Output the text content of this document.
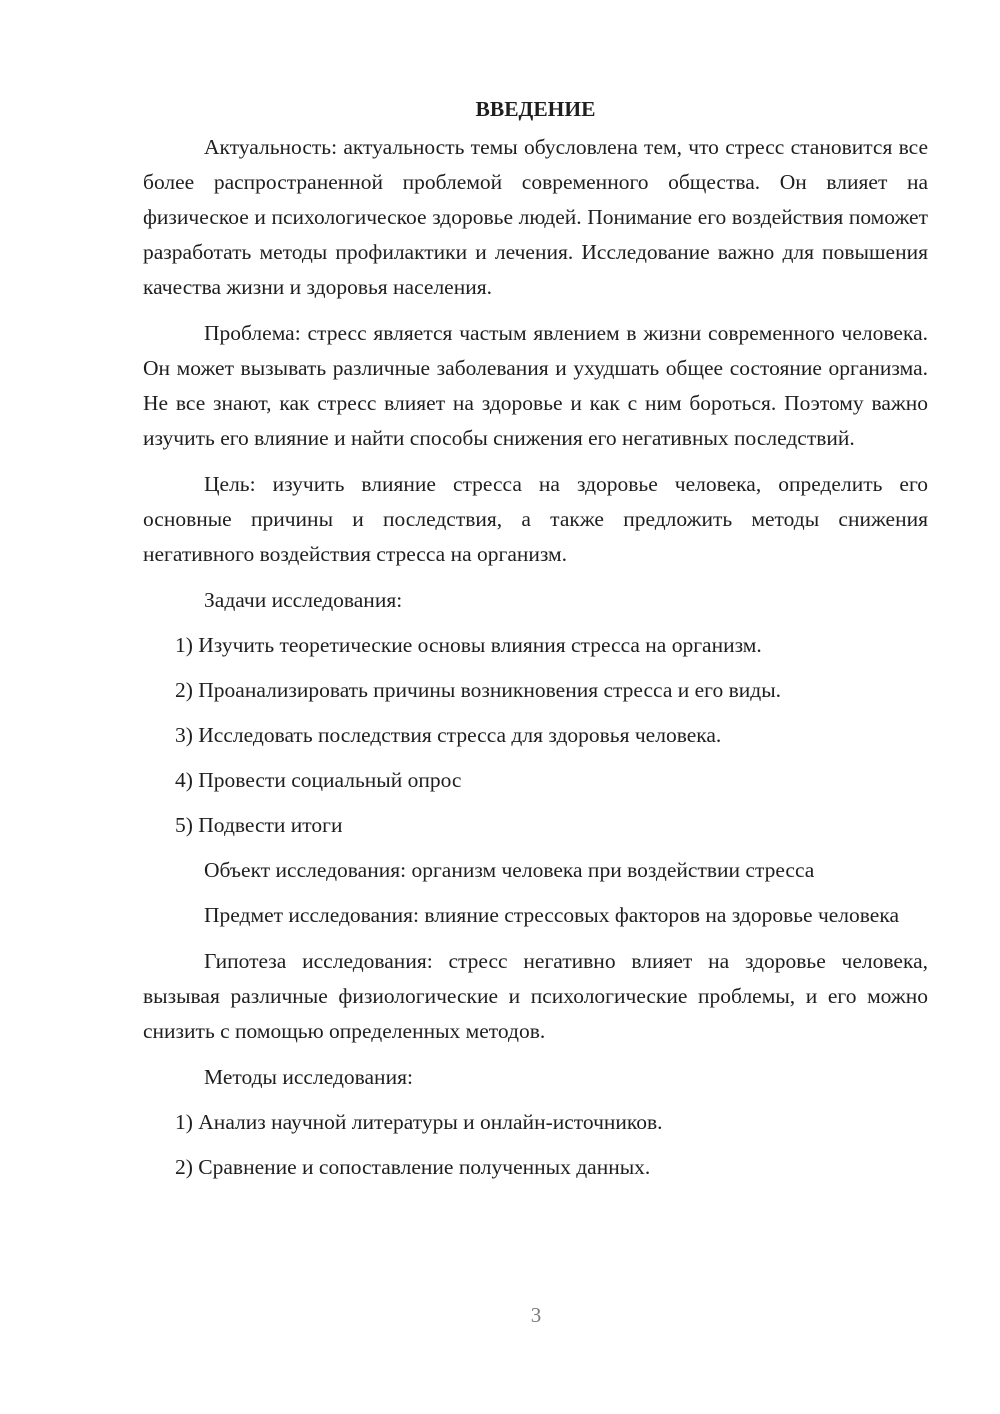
ВВЕДЕНИЕ

Актуальность: актуальность темы обусловлена тем, что стресс становится все более распространенной проблемой современного общества. Он влияет на физическое и психологическое здоровье людей. Понимание его воздействия поможет разработать методы профилактики и лечения. Исследование важно для повышения качества жизни и здоровья населения.

Проблема: стресс является частым явлением в жизни современного человека. Он может вызывать различные заболевания и ухудшать общее состояние организма. Не все знают, как стресс влияет на здоровье и как с ним бороться. Поэтому важно изучить его влияние и найти способы снижения его негативных последствий.

Цель: изучить влияние стресса на здоровье человека, определить его основные причины и последствия, а также предложить методы снижения негативного воздействия стресса на организм.

Задачи исследования:

1) Изучить теоретические основы влияния стресса на организм.

2) Проанализировать причины возникновения стресса и его виды.

3) Исследовать последствия стресса для здоровья человека.

4) Провести социальный опрос

5) Подвести итоги

Объект исследования: организм человека при воздействии стресса

Предмет исследования: влияние стрессовых факторов на здоровье человека

Гипотеза исследования: стресс негативно влияет на здоровье человека, вызывая различные физиологические и психологические проблемы, и его можно снизить с помощью определенных методов.

Методы исследования:

1) Анализ научной литературы и онлайн-источников.

2) Сравнение и сопоставление полученных данных.

3
